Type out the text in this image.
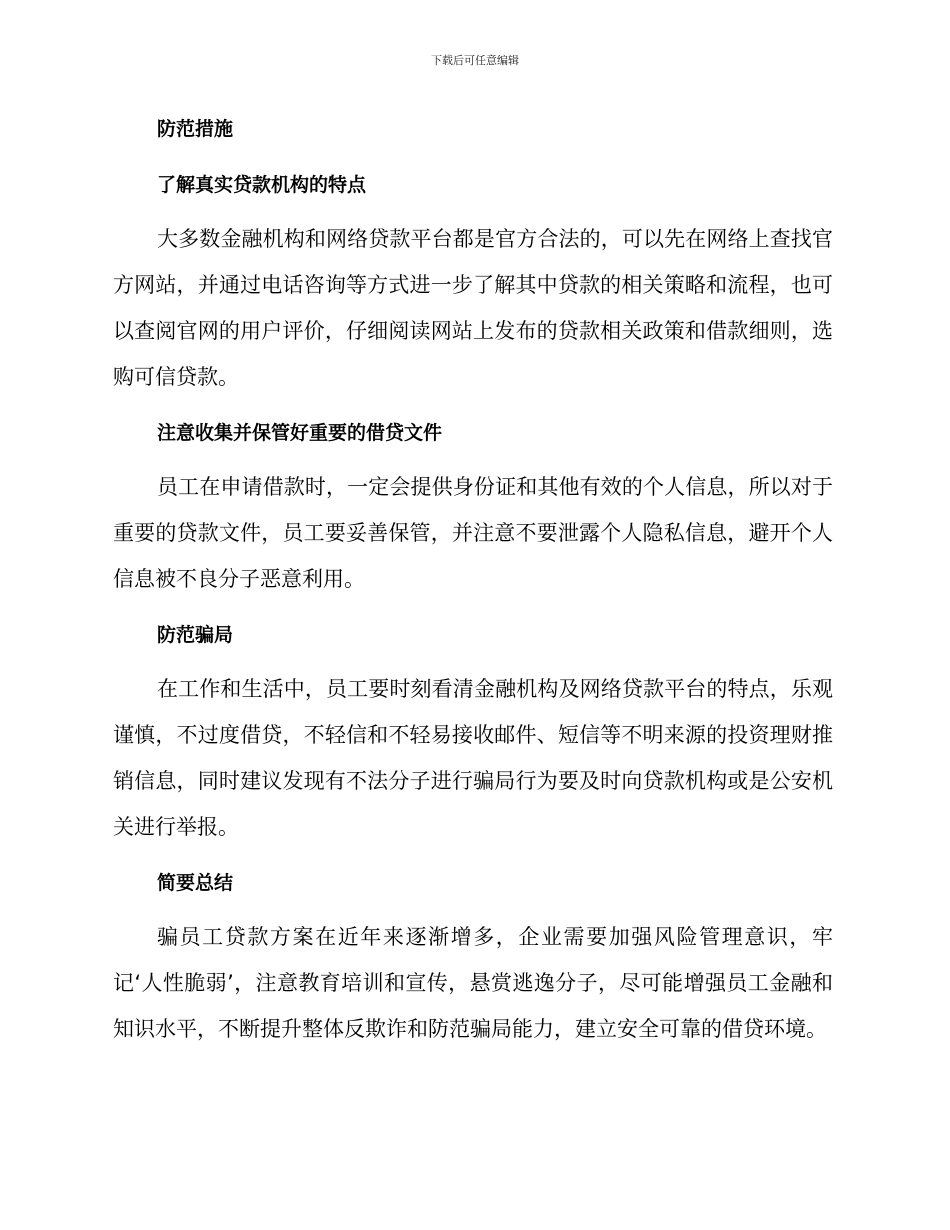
下载后可任意编辑

防范措施

了解真实贷款机构的特点

大多数金融机构和网络贷款平台都是官方合法的，可以先在网络上查找官方网站，并通过电话咨询等方式进一步了解其中贷款的相关策略和流程，也可以查阅官网的用户评价，仔细阅读网站上发布的贷款相关政策和借款细则，选购可信贷款。

注意收集并保管好重要的借贷文件

员工在申请借款时，一定会提供身份证和其他有效的个人信息，所以对于重要的贷款文件，员工要妥善保管，并注意不要泄露个人隐私信息，避开个人信息被不良分子恶意利用。

防范骗局

在工作和生活中，员工要时刻看清金融机构及网络贷款平台的特点，乐观谨慎，不过度借贷，不轻信和不轻易接收邮件、短信等不明来源的投资理财推销信息，同时建议发现有不法分子进行骗局行为要及时向贷款机构或是公安机关进行举报。

简要总结

骗员工贷款方案在近年来逐渐增多，企业需要加强风险管理意识，牢记‘人性脆弱’，注意教育培训和宣传，悬赏逃逸分子，尽可能增强员工金融和知识水平，不断提升整体反欺诈和防范骗局能力，建立安全可靠的借贷环境。
